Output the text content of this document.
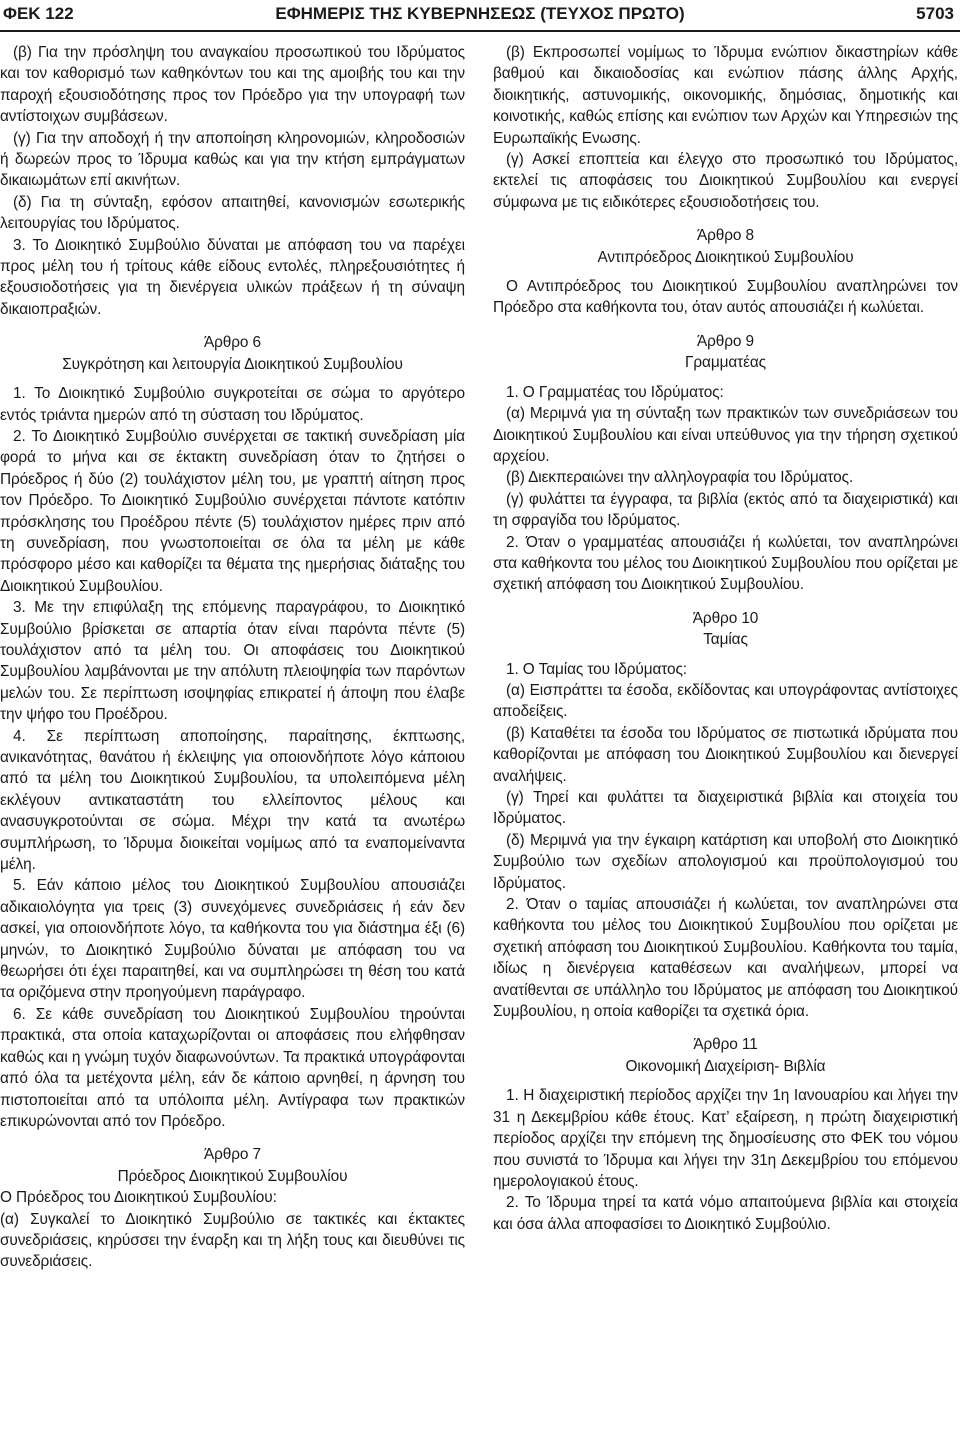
ΕΦΗΜΕΡΙΣ ΤΗΣ ΚΥΒΕΡΝΗΣΕΩΣ (ΤΕΥΧΟΣ ΠΡΩΤΟ)
ΦΕΚ 122	5703

(β) Για την πρόσληψη του αναγκαίου προσωπικού του Ιδρύματος και τον καθορισμό των καθηκόντων του και της αμοιβής του και την παροχή εξουσιοδότησης προς τον Πρόεδρο για την υπογραφή των αντίστοιχων συμβάσεων.

(γ) Για την αποδοχή ή την αποποίηση κληρονομιών, κληροδοσιών ή δωρεών προς το Ίδρυμα καθώς και για την κτήση εμπράγματων δικαιωμάτων επί ακινήτων.

(δ) Για τη σύνταξη, εφόσον απαιτηθεί, κανονισμών εσωτερικής λειτουργίας του Ιδρύματος.

3. Το Διοικητικό Συμβούλιο δύναται με απόφαση του να παρέχει προς μέλη του ή τρίτους κάθε είδους εντολές, πληρεξουσιότητες ή εξουσιοδοτήσεις για τη διενέργεια υλικών πράξεων ή τη σύναψη δικαιοπραξιών.

Άρθρο 6

Συγκρότηση και λειτουργία Διοικητικού Συμβουλίου

1. Το Διοικητικό Συμβούλιο συγκροτείται σε σώμα το αργότερο εντός τριάντα ημερών από τη σύσταση του Ιδρύματος.

2. Το Διοικητικό Συμβούλιο συνέρχεται σε τακτική συνεδρίαση μία φορά το μήνα και σε έκτακτη συνεδρίαση όταν το ζητήσει ο Πρόεδρος ή δύο (2) τουλάχιστον μέλη του, με γραπτή αίτηση προς τον Πρόεδρο. Το Διοικητικό Συμβούλιο συνέρχεται πάντοτε κατόπιν πρόσκλησης του Προέδρου πέντε (5) τουλάχιστον ημέρες πριν από τη συνεδρίαση, που γνωστοποιείται σε όλα τα μέλη με κάθε πρόσφορο μέσο και καθορίζει τα θέματα της ημερήσιας διάταξης του Διοικητικού Συμβουλίου.

3. Με την επιφύλαξη της επόμενης παραγράφου, το Διοικητικό Συμβούλιο βρίσκεται σε απαρτία όταν είναι παρόντα πέντε (5) τουλάχιστον από τα μέλη του. Οι αποφάσεις του Διοικητικού Συμβουλίου λαμβάνονται με την απόλυτη πλειοψηφία των παρόντων μελών του. Σε περίπτωση ισοψηφίας επικρατεί ή άποψη που έλαβε την ψήφο του Προέδρου.

4. Σε περίπτωση αποποίησης, παραίτησης, έκπτωσης, ανικανότητας, θανάτου ή έκλειψης για οποιονδήποτε λόγο κάποιου από τα μέλη του Διοικητικού Συμβουλίου, τα υπολειπόμενα μέλη εκλέγουν αντικαταστάτη του ελλείποντος μέλους και ανασυγκροτούνται σε σώμα. Μέχρι την κατά τα ανωτέρω συμπλήρωση, το Ίδρυμα διοικείται νομίμως από τα εναπομείναντα μέλη.

5. Εάν κάποιο μέλος του Διοικητικού Συμβουλίου απουσιάζει αδικαιολόγητα για τρεις (3) συνεχόμενες συνεδριάσεις ή εάν δεν ασκεί, για οποιονδήποτε λόγο, τα καθήκοντα του για διάστημα έξι (6) μηνών, το Διοικητικό Συμβούλιο δύναται με απόφαση του να θεωρήσει ότι έχει παραιτηθεί, και να συμπληρώσει τη θέση του κατά τα οριζόμενα στην προηγούμενη παράγραφο.

6. Σε κάθε συνεδρίαση του Διοικητικού Συμβουλίου τηρούνται πρακτικά, στα οποία καταχωρίζονται οι αποφάσεις που ελήφθησαν καθώς και η γνώμη τυχόν διαφωνούντων. Τα πρακτικά υπογράφονται από όλα τα μετέχοντα μέλη, εάν δε κάποιο αρνηθεί, η άρνηση του πιστοποιείται από τα υπόλοιπα μέλη. Αντίγραφα των πρακτικών επικυρώνονται από τον Πρόεδρο.

Άρθρο 7

Πρόεδρος Διοικητικού Συμβουλίου

Ο Πρόεδρος του Διοικητικού Συμβουλίου:

(α) Συγκαλεί το Διοικητικό Συμβούλιο σε τακτικές και έκτακτες συνεδριάσεις, κηρύσσει την έναρξη και τη λήξη τους και διευθύνει τις συνεδριάσεις.

(β) Εκπροσωπεί νομίμως το Ίδρυμα ενώπιον δικαστηρίων κάθε βαθμού και δικαιοδοσίας και ενώπιον πάσης άλλης Αρχής, διοικητικής, αστυνομικής, οικονομικής, δημόσιας, δημοτικής και κοινοτικής, καθώς επίσης και ενώπιον των Αρχών και Υπηρεσιών της Ευρωπαϊκής Ενωσης.

(γ) Ασκεί εποπτεία και έλεγχο στο προσωπικό του Ιδρύματος, εκτελεί τις αποφάσεις του Διοικητικού Συμβουλίου και ενεργεί σύμφωνα με τις ειδικότερες εξουσιοδοτήσεις του.

Άρθρο 8

Αντιπρόεδρος Διοικητικού Συμβουλίου

Ο Αντιπρόεδρος του Διοικητικού Συμβουλίου αναπληρώνει τον Πρόεδρο στα καθήκοντα του, όταν αυτός απουσιάζει ή κωλύεται.

Άρθρο 9

Γραμματέας

1. Ο Γραμματέας του Ιδρύματος:

(α) Μεριμνά για τη σύνταξη των πρακτικών των συνεδριάσεων του Διοικητικού Συμβουλίου και είναι υπεύθυνος για την τήρηση σχετικού αρχείου.

(β) Διεκπεραιώνει την αλληλογραφία του Ιδρύματος.

(γ) φυλάττει τα έγγραφα, τα βιβλία (εκτός από τα διαχειριστικά) και τη σφραγίδα του Ιδρύματος.

2. Όταν ο γραμματέας απουσιάζει ή κωλύεται, τον αναπληρώνει στα καθήκοντα του μέλος του Διοικητικού Συμβουλίου που ορίζεται με σχετική απόφαση του Διοικητικού Συμβουλίου.

Άρθρο 10

Ταμίας

1. Ο Ταμίας του Ιδρύματος:

(α) Εισπράττει τα έσοδα, εκδίδοντας και υπογράφοντας αντίστοιχες αποδείξεις.

(β) Καταθέτει τα έσοδα του Ιδρύματος σε πιστωτικά ιδρύματα που καθορίζονται με απόφαση του Διοικητικού Συμβουλίου και διενεργεί αναλήψεις.

(γ) Τηρεί και φυλάττει τα διαχειριστικά βιβλία και στοιχεία του Ιδρύματος.

(δ) Μεριμνά για την έγκαιρη κατάρτιση και υποβολή στο Διοικητικό Συμβούλιο των σχεδίων απολογισμού και προϋπολογισμού του Ιδρύματος.

2. Όταν ο ταμίας απουσιάζει ή κωλύεται, τον αναπληρώνει στα καθήκοντα του μέλος του Διοικητικού Συμβουλίου που ορίζεται με σχετική απόφαση του Διοικητικού Συμβουλίου. Καθήκοντα του ταμία, ιδίως η διενέργεια καταθέσεων και αναλήψεων, μπορεί να ανατίθενται σε υπάλληλο του Ιδρύματος με απόφαση του Διοικητικού Συμβουλίου, η οποία καθορίζει τα σχετικά όρια.

Άρθρο 11

Οικονομική Διαχείριση- Βιβλία

1. Η διαχειριστική περίοδος αρχίζει την 1η Ιανουαρίου και λήγει την 31 η Δεκεμβρίου κάθε έτους. Κατ’ εξαίρεση, η πρώτη διαχειριστική περίοδος αρχίζει την επόμενη της δημοσίευσης στο ΦΕΚ του νόμου που συνιστά το Ίδρυμα και λήγει την 31η Δεκεμβρίου του επόμενου ημερολογιακού έτους.

2. Το Ίδρυμα τηρεί τα κατά νόμο απαιτούμενα βιβλία και στοιχεία και όσα άλλα αποφασίσει το Διοικητικό Συμβούλιο.
